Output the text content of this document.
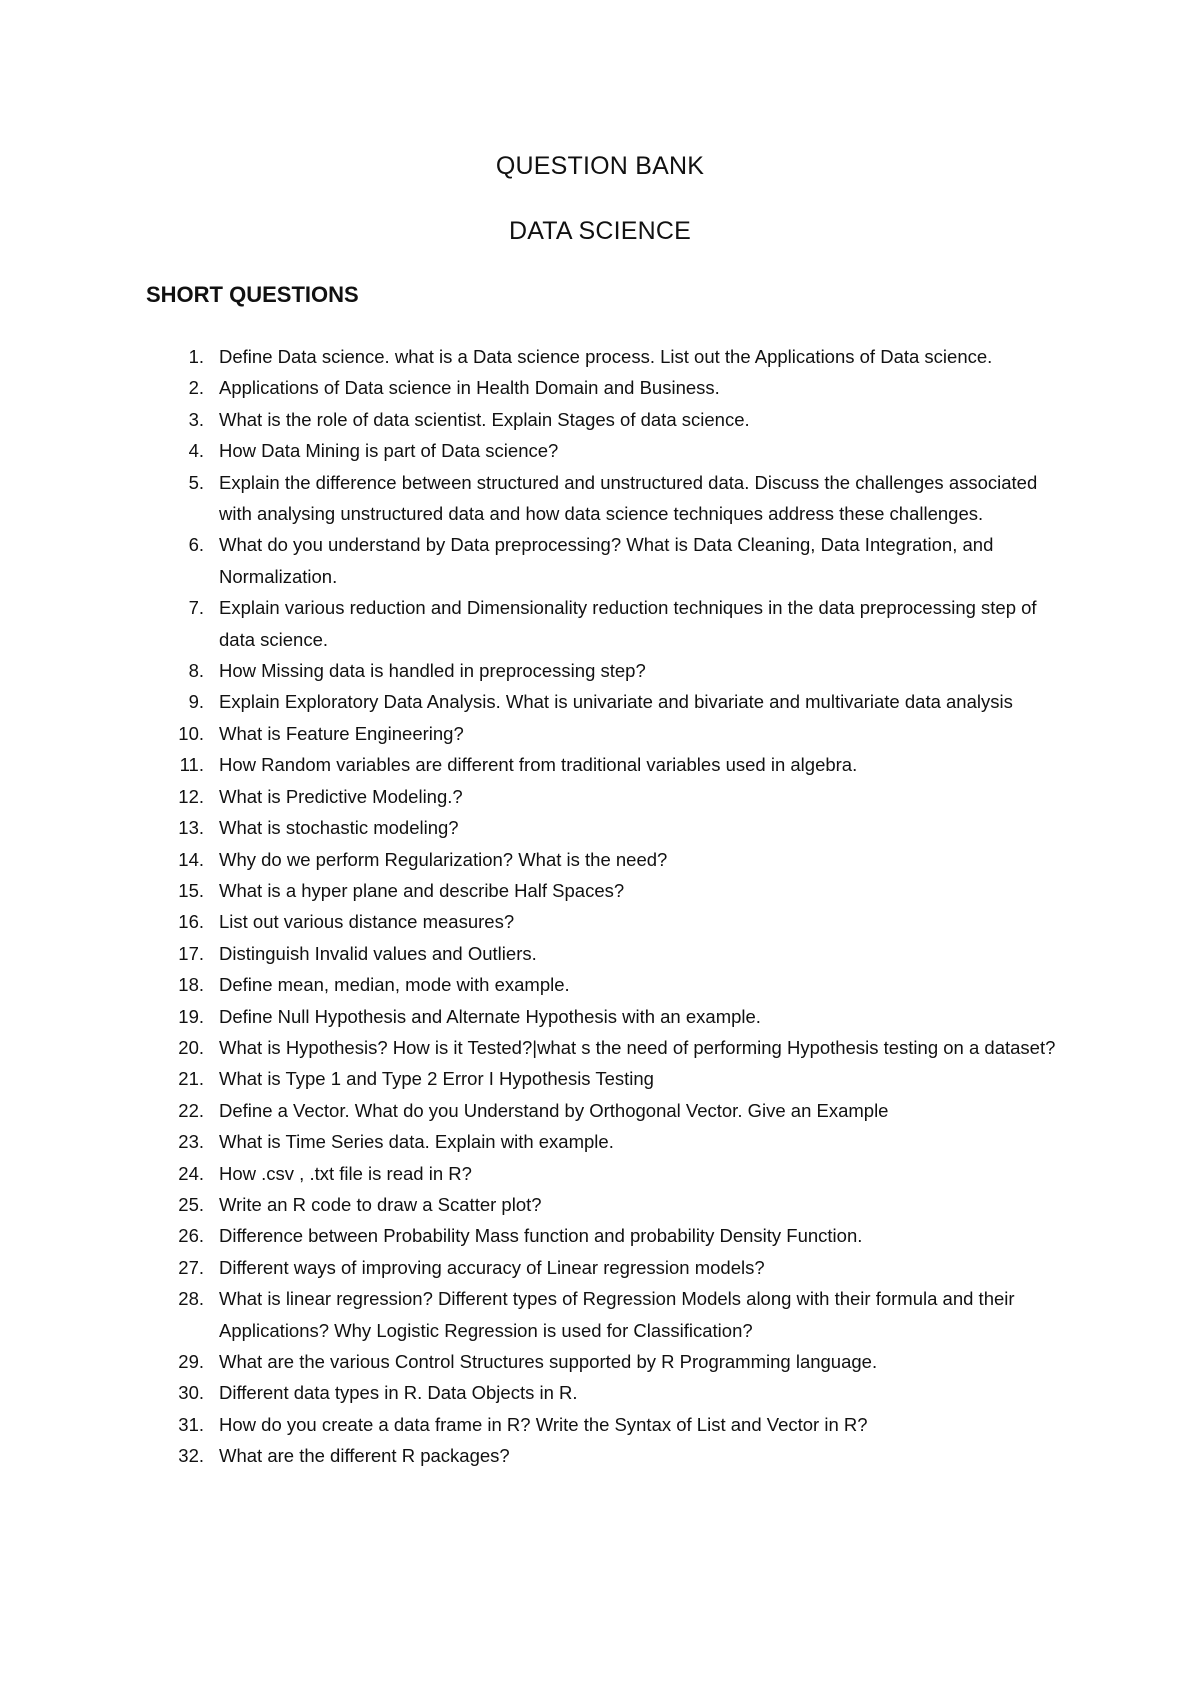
QUESTION BANK
DATA SCIENCE
SHORT QUESTIONS
1. Define Data science. what is a Data science process. List out the Applications of Data science.
2. Applications of Data science in Health Domain and Business.
3. What is the role of data scientist. Explain Stages of data science.
4. How Data Mining is part of Data science?
5. Explain the difference between structured and unstructured data. Discuss the challenges associated with analysing unstructured data and how data science techniques address these challenges.
6. What do you understand by Data preprocessing? What is Data Cleaning, Data Integration, and Normalization.
7. Explain various reduction and Dimensionality reduction techniques in the data preprocessing step of data science.
8. How Missing data is handled in preprocessing step?
9. Explain Exploratory Data Analysis. What is univariate and bivariate and multivariate data analysis
10. What is Feature Engineering?
11. How Random variables are different from traditional variables used in algebra.
12. What is Predictive Modeling.?
13. What is stochastic modeling?
14. Why do we perform Regularization? What is the need?
15. What is a hyper plane and describe Half Spaces?
16. List out various distance measures?
17. Distinguish Invalid values and Outliers.
18. Define mean, median, mode with example.
19. Define Null Hypothesis and Alternate Hypothesis with an example.
20. What is Hypothesis? How is it Tested?|what s the need of performing Hypothesis testing on a dataset?
21. What is Type 1 and Type 2 Error I Hypothesis Testing
22. Define a Vector. What do you Understand by Orthogonal Vector. Give an Example
23. What is Time Series data. Explain with example.
24. How .csv , .txt file is read in R?
25. Write an R code to draw a Scatter plot?
26. Difference between Probability Mass function and probability Density Function.
27. Different ways of improving accuracy of Linear regression models?
28. What is linear regression? Different types of Regression Models along with their formula and their Applications? Why Logistic Regression is used for Classification?
29. What are the various Control Structures supported by R Programming language.
30. Different data types in R. Data Objects in R.
31. How do you create a data frame in R? Write the Syntax of List and Vector in R?
32. What are the different R packages?
